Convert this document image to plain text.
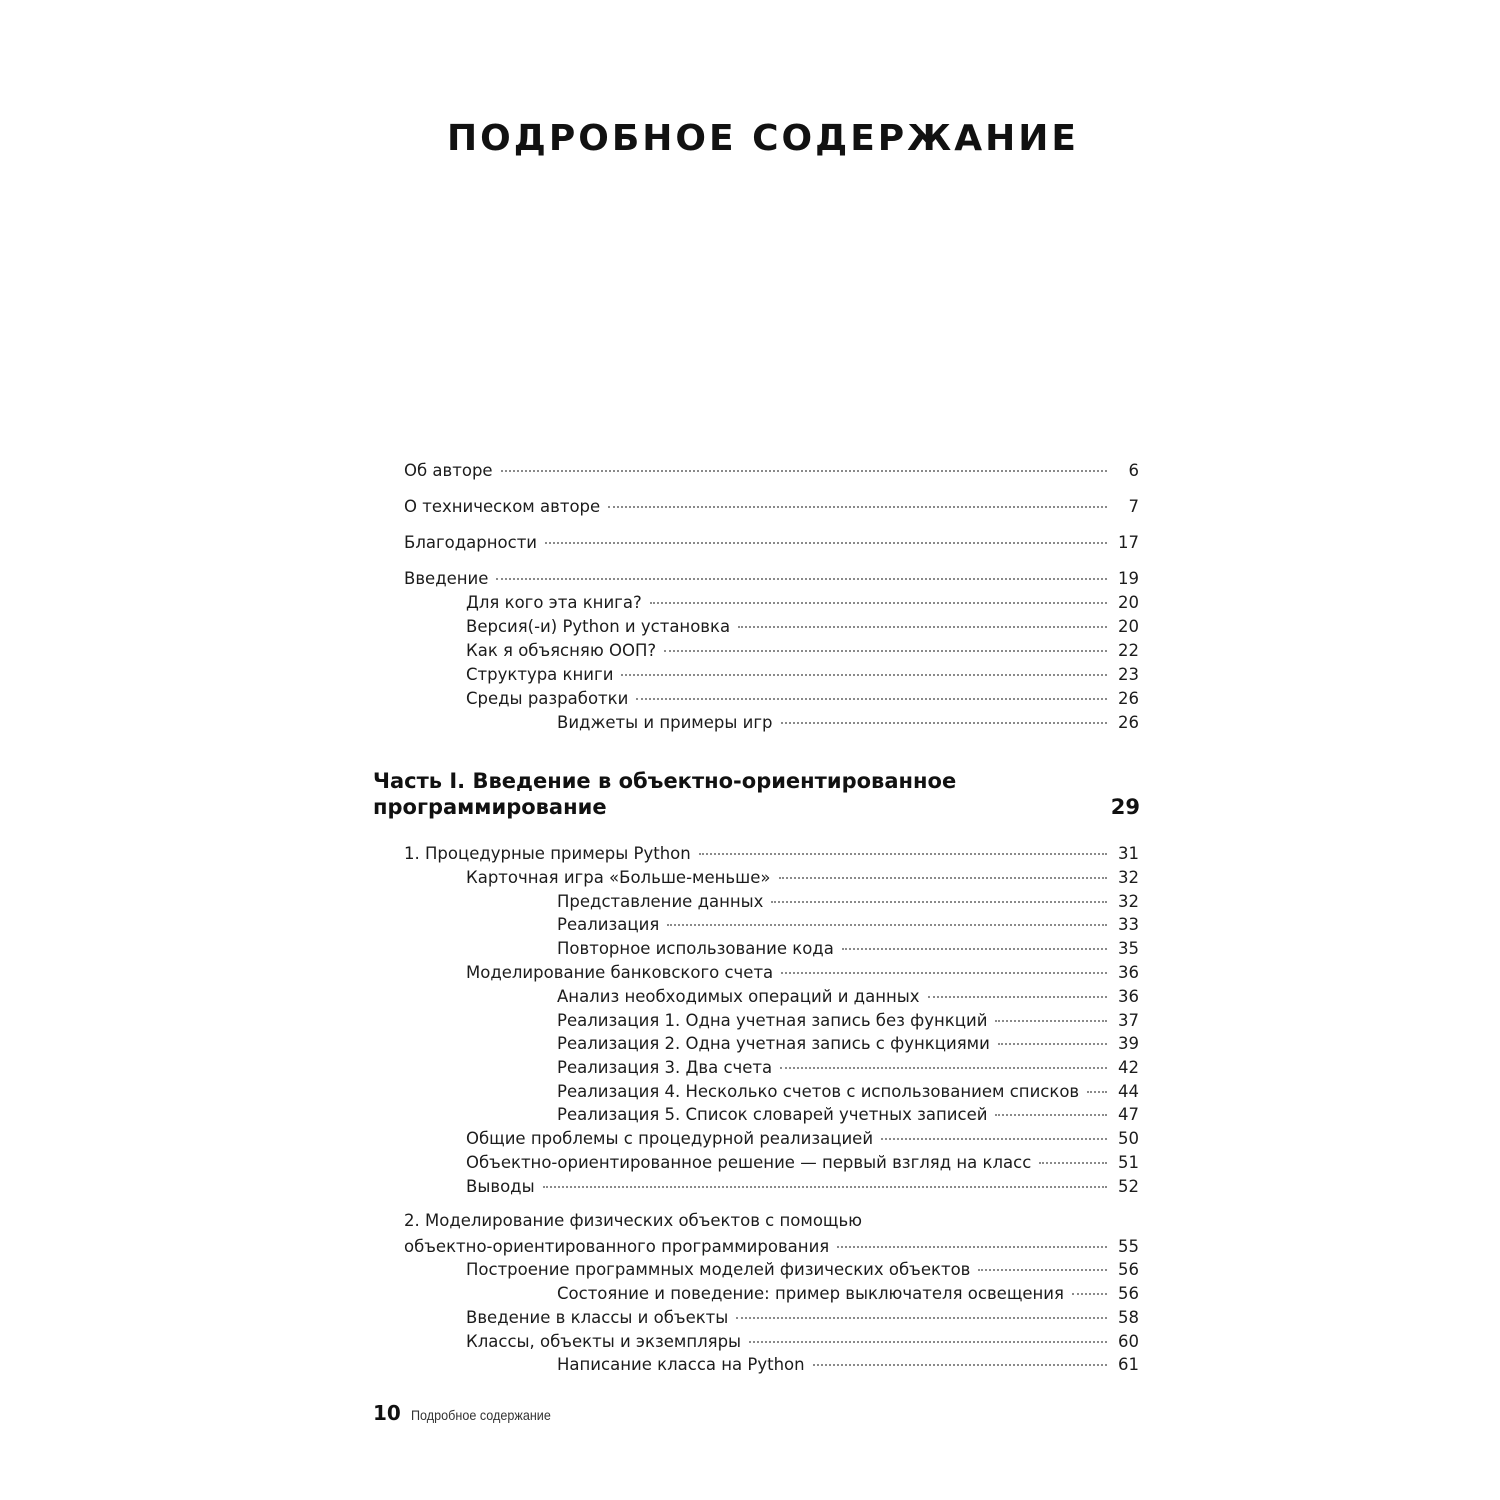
ПОДРОБНОЕ СОДЕРЖАНИЕ
Об авторе	6
О техническом авторе	7
Благодарности	17
Введение	19
Для кого эта книга?	20
Версия(-и) Python и установка	20
Как я объясняю ООП?	22
Структура книги	23
Среды разработки	26
Виджеты и примеры игр	26
Часть I. Введение в объектно-ориентированное
программирование	29
1. Процедурные примеры Python	31
Карточная игра «Больше-меньше»	32
Представление данных	32
Реализация	33
Повторное использование кода	35
Моделирование банковского счета	36
Анализ необходимых операций и данных	36
Реализация 1. Одна учетная запись без функций	37
Реализация 2. Одна учетная запись с функциями	39
Реализация 3. Два счета	42
Реализация 4. Несколько счетов с использованием списков 44
Реализация 5. Список словарей учетных записей	47
Общие проблемы с процедурной реализацией	50
Объектно-ориентированное решение — первый взгляд на класс	51
Выводы	52
2. Моделирование физических объектов с помощью
объектно-ориентированного программирования	55
Построение программных моделей физических объектов	56
Состояние и поведение: пример выключателя освещения	56
Введение в классы и объекты	58
Классы, объекты и экземпляры	60
Написание класса на Python	61
10 Подробное содержание
